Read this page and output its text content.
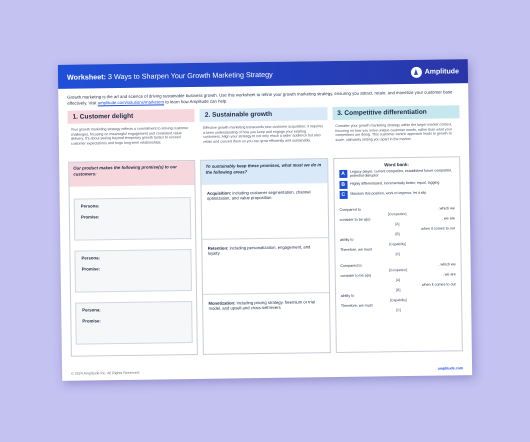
Worksheet: 3 Ways to Sharpen Your Growth Marketing Strategy	Amplitude

Growth marketing is the art and science of driving sustainable business growth. Use this worksheet to refine your growth marketing strategy, ensuring you attract, retain, and monetize your customer base effectively. Visit amplitude.com/solutions/marketers to learn how Amplitude can help.

1. Customer delight
Your growth marketing strategy reflects a commitment to solving customer challenges, focusing on meaningful engagement and consistent value delivery. It’s about seeing beyond temporary growth tactics to exceed customer expectations and forge long-term relationships.
Our product makes the following promise(s) to our customers:
Persona:
Promise:
Persona:
Promise:
Persona:
Promise:
2. Sustainable growth
Effective growth marketing transcends new customer acquisition; it requires a keen understanding of how you keep and engage your existing customers. Align your strategy to not only reach a wider audience but also retain and convert them so you can grow efficiently and sustainably.
To sustainably keep these promises, what must we do in the following areas?
Acquisition: including customer segmentation, channel optimization, and value proposition
Retention: including personalization, engagement, and loyalty
Monetization: including pricing strategy, freemium or trial model, and upsell and cross-sell levers
3. Competitive differentiation
Consider your growth marketing strategy within the larger market context, focusing on how you solve unique customer needs, rather than what your competitors are doing. This customer-centric approach leads to growth at scale, ultimately setting you apart in the market.
Word bank:
A	Legacy player, current competitor, established future competitor, potential disruptor
B	Highly differentiated, incrementally better, equal, lagging
C	Maintain this position, work to improve, let it slip
Compared to	, which we
[Competitor]
consider to be a(n)	, we are
[A]
when it comes to our
[B]
ability to
[Capability]
Therefore, we must
[C]
Compared to	, which we
[Competitor]
consider to be a(n)	, we are
[A]
when it comes to our
[B]
ability to
[Capability]
Therefore, we must
[C]
© 2024 Amplitude Inc. All Rights Reserved.
amplitude.com
